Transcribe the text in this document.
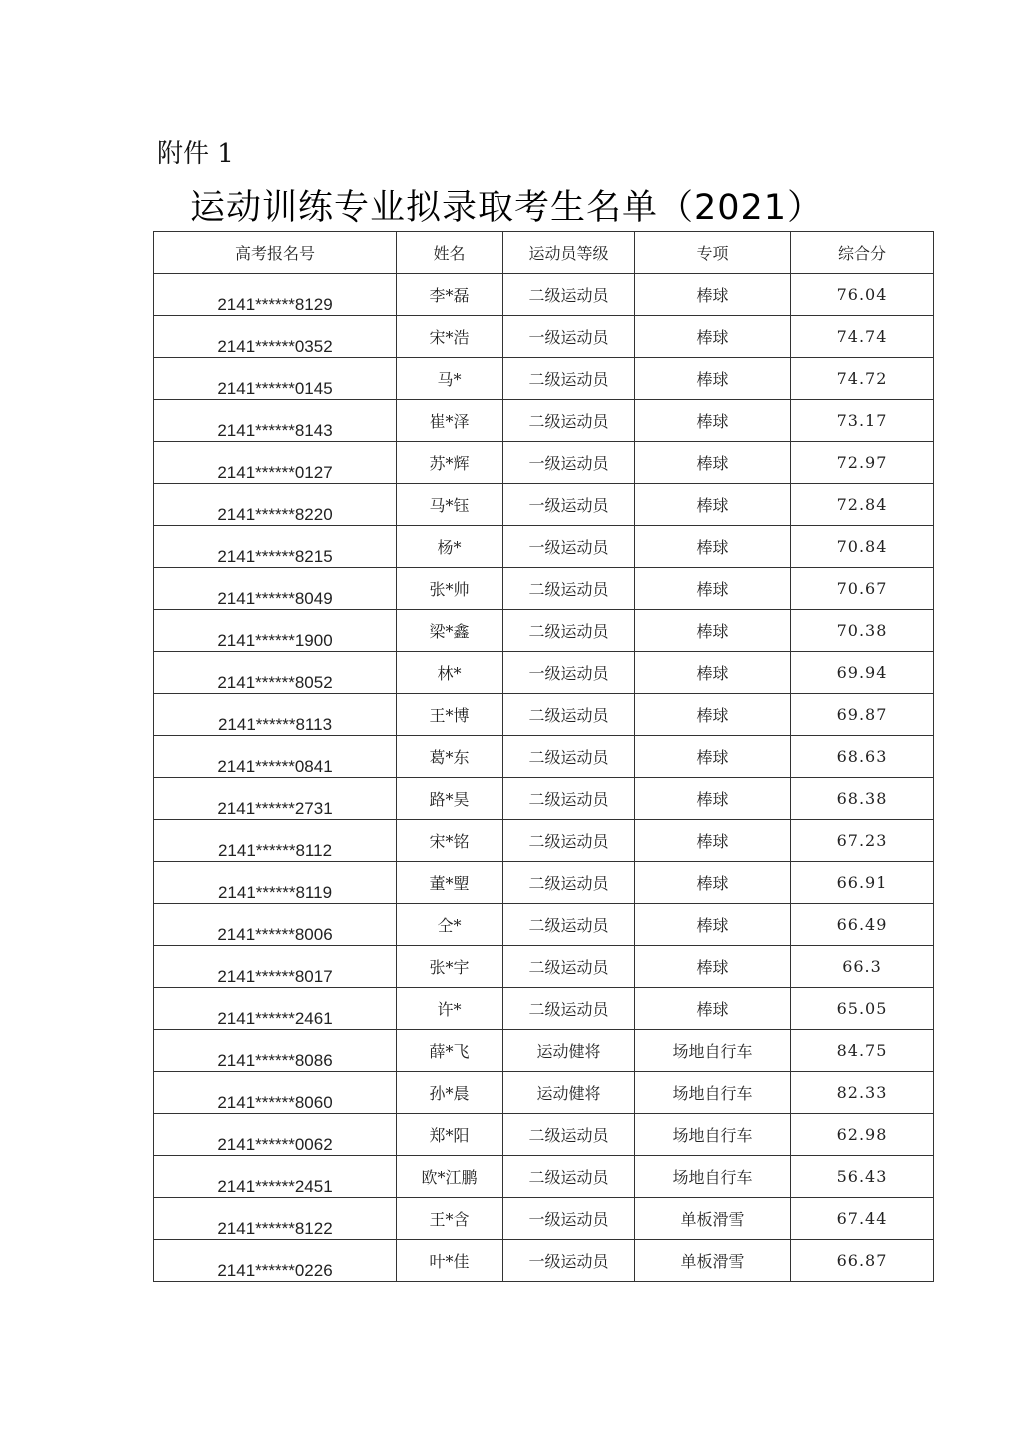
附件 1
运动训练专业拟录取考生名单（2021）
高考报名号	姓名	运动员等级	专项	综合分
2141******8129	李*磊	二级运动员	棒球	76.04
2141******0352	宋*浩	一级运动员	棒球	74.74
2141******0145	马*	二级运动员	棒球	74.72
2141******8143	崔*泽	二级运动员	棒球	73.17
2141******0127	苏*辉	一级运动员	棒球	72.97
2141******8220	马*钰	一级运动员	棒球	72.84
2141******8215	杨*	一级运动员	棒球	70.84
2141******8049	张*帅	二级运动员	棒球	70.67
2141******1900	梁*鑫	二级运动员	棒球	70.38
2141******8052	林*	一级运动员	棒球	69.94
2141******8113	王*博	二级运动员	棒球	69.87
2141******0841	葛*东	二级运动员	棒球	68.63
2141******2731	路*昊	二级运动员	棒球	68.38
2141******8112	宋*铭	二级运动员	棒球	67.23
2141******8119	董*朢	二级运动员	棒球	66.91
2141******8006	仝*	二级运动员	棒球	66.49
2141******8017	张*宇	二级运动员	棒球	66.3
2141******2461	许*	二级运动员	棒球	65.05
2141******8086	薛*飞	运动健将	场地自行车	84.75
2141******8060	孙*晨	运动健将	场地自行车	82.33
2141******0062	郑*阳	二级运动员	场地自行车	62.98
2141******2451	欧*江鹏	二级运动员	场地自行车	56.43
2141******8122	王*含	一级运动员	单板滑雪	67.44
2141******0226	叶*佳	一级运动员	单板滑雪	66.87
